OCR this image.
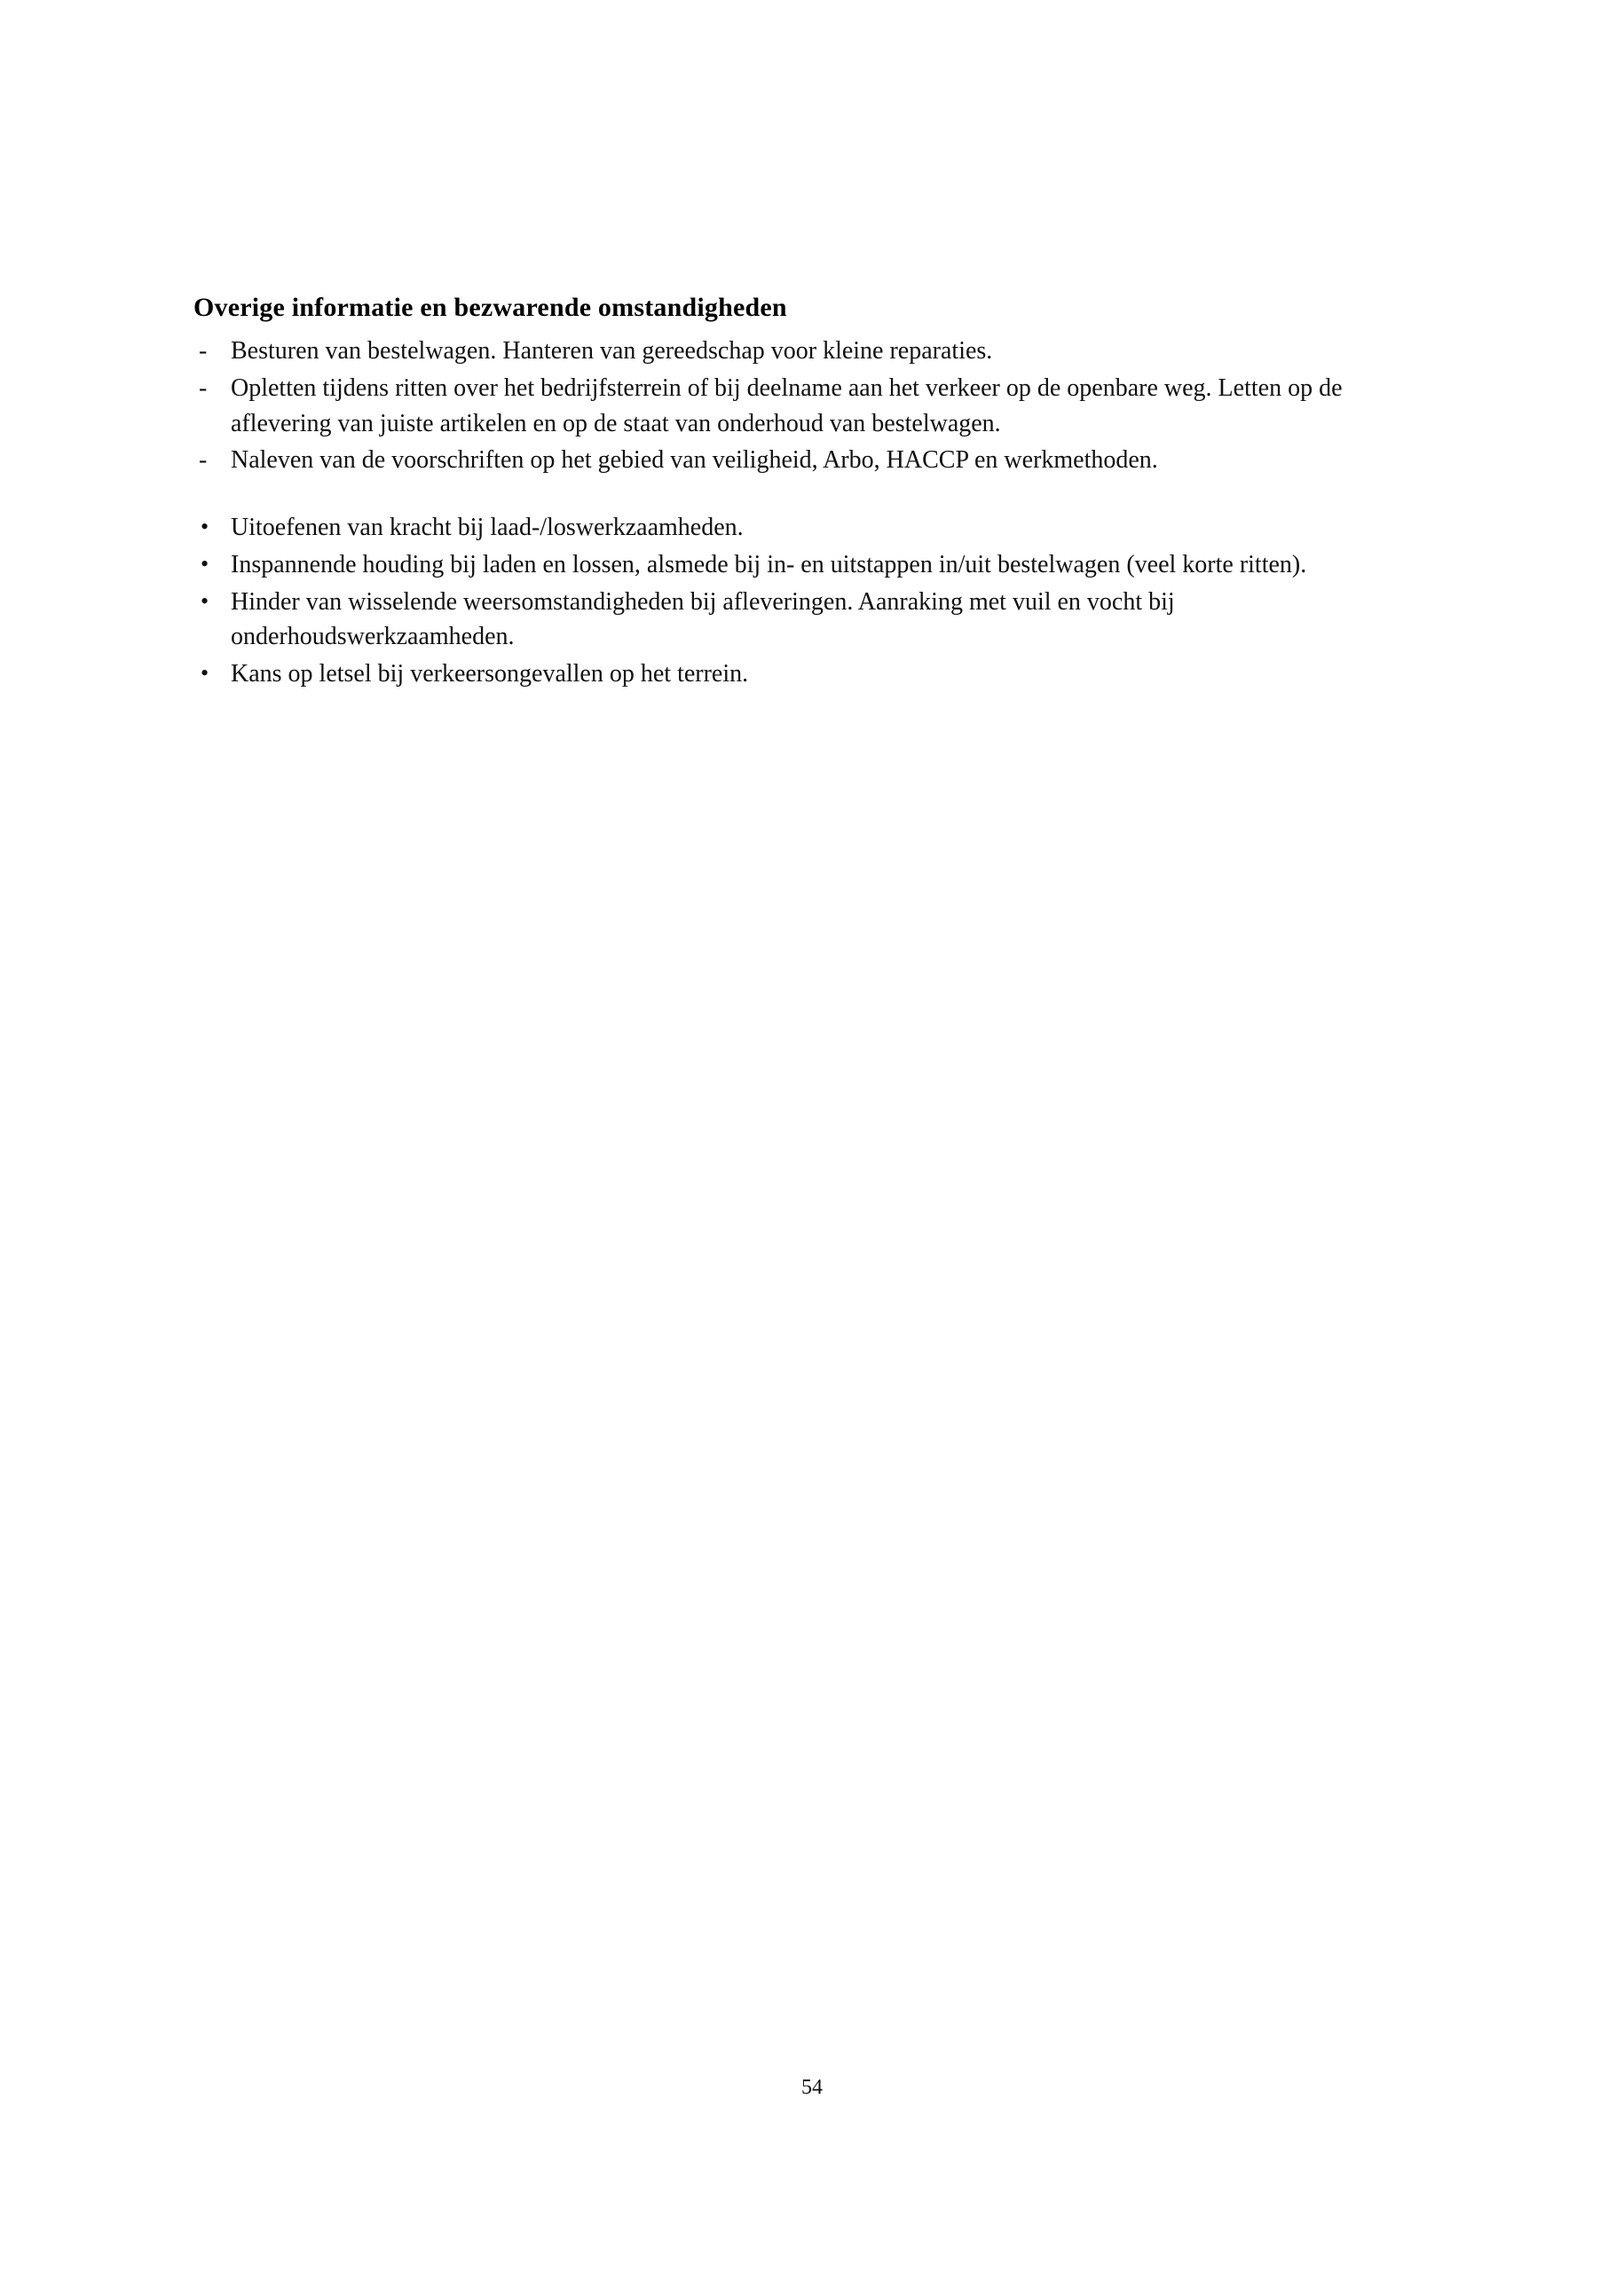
Overige informatie en bezwarende omstandigheden
- Besturen van bestelwagen. Hanteren van gereedschap voor kleine reparaties.
- Opletten tijdens ritten over het bedrijfsterrein of bij deelname aan het verkeer op de openbare weg. Letten op de aflevering van juiste artikelen en op de staat van onderhoud van bestelwagen.
- Naleven van de voorschriften op het gebied van veiligheid, Arbo, HACCP en werkmethoden.
• Uitoefenen van kracht bij laad-/loswerkzaamheden.
• Inspannende houding bij laden en lossen, alsmede bij in- en uitstappen in/uit bestelwagen (veel korte ritten).
• Hinder van wisselende weersomstandigheden bij afleveringen. Aanraking met vuil en vocht bij onderhoudswerkzaamheden.
• Kans op letsel bij verkeersongevallen op het terrein.
54
